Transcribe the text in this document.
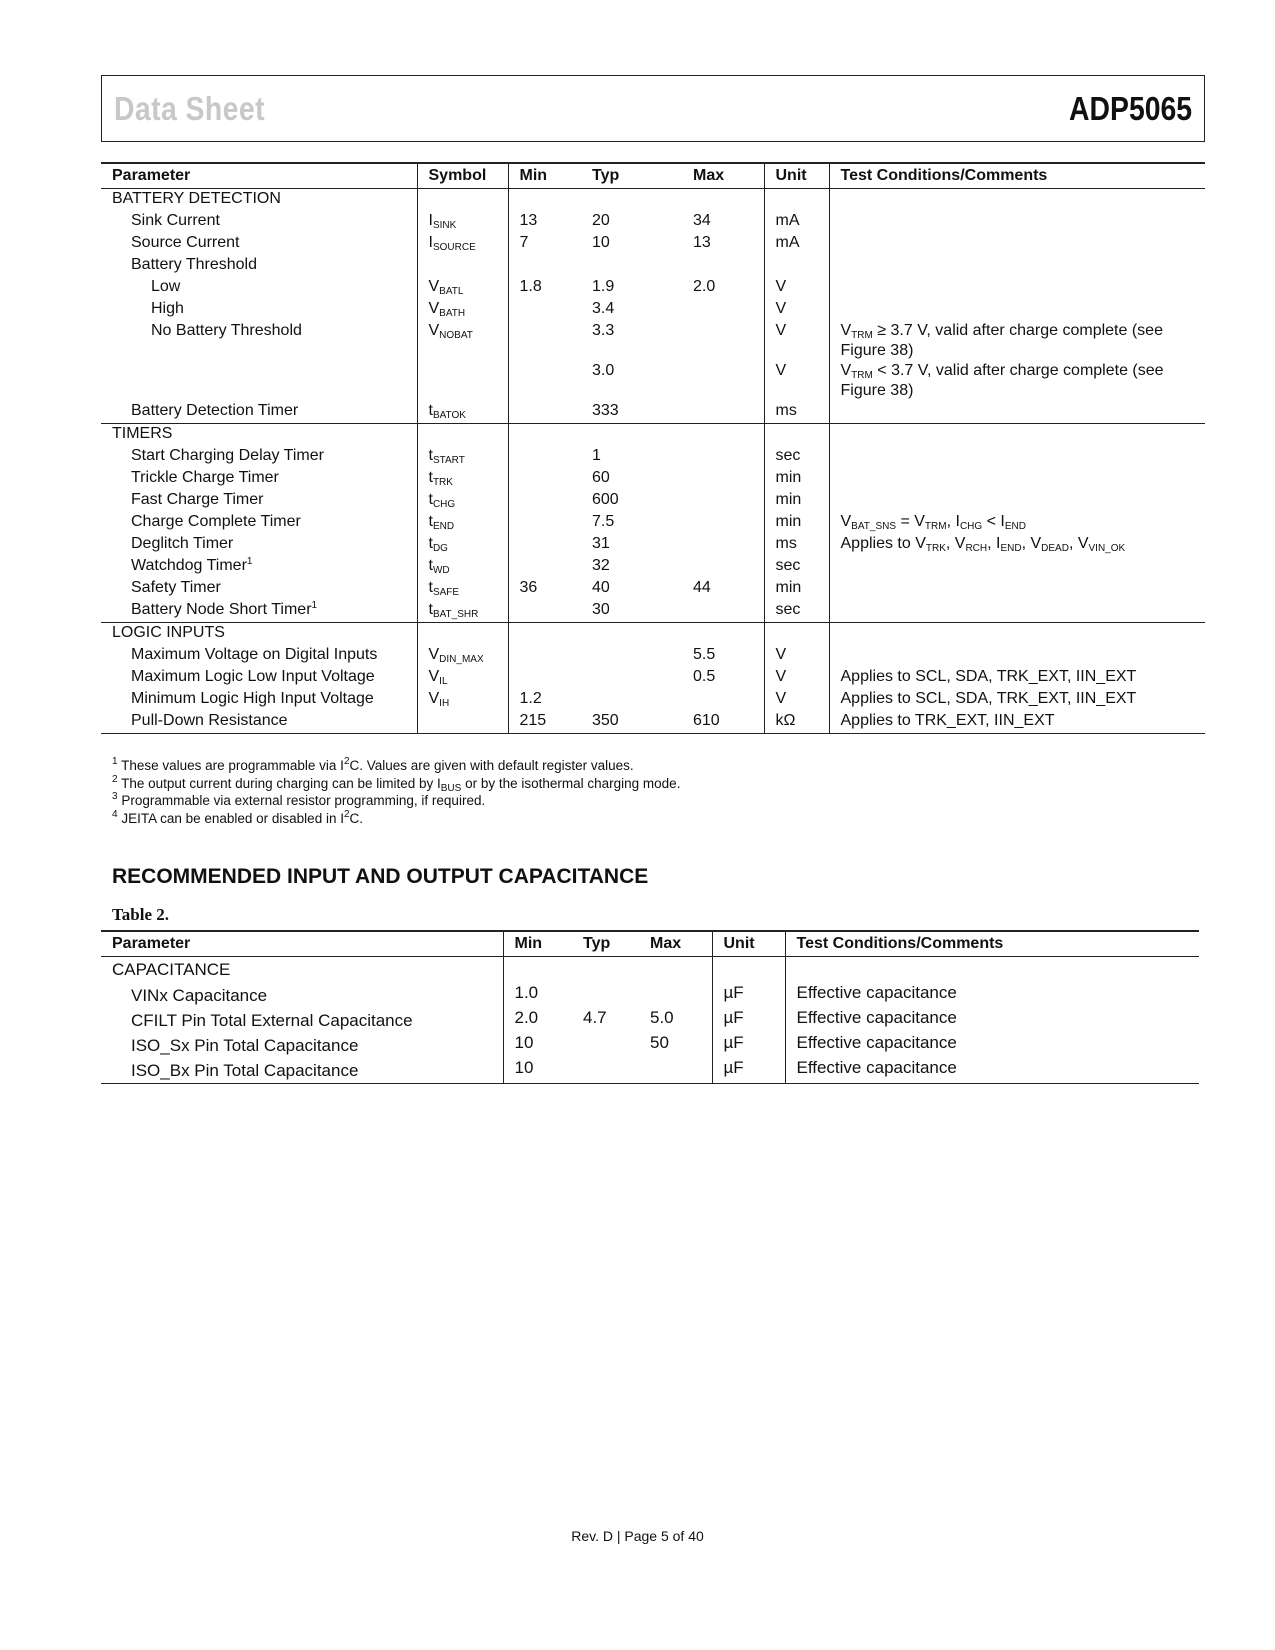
Data Sheet	ADP5065
Parameter	Symbol	Min	Typ	Max	Unit	Test Conditions/Comments
BATTERY DETECTION						
Sink Current	$I_{SINK}$	13	20	34	mA	
Source Current	$I_{SOURCE}$	7	10	13	mA	
Battery Threshold						
Low	$V_{BATL}$	1.8	1.9	2.0	V	
High	$V_{BATH}$		3.4		V	
No Battery Threshold	$V_{NOBAT}$		3.3		V	$V_{TRM} \ge 3.7$ V, valid after charge complete (see
Figure 38)
			3.0		V	$V_{TRM} < 3.7$ V, valid after charge complete (see
Figure 38)
Battery Detection Timer	$t_{BATOK}$		333		ms	
TIMERS						
Start Charging Delay Timer	$t_{START}$		1		sec	
Trickle Charge Timer	$t_{TRK}$		60		min	
Fast Charge Timer	$t_{CHG}$		600		min	
Charge Complete Timer	$t_{END}$		7.5		min	$V_{BAT\_SNS} = V_{TRM}$, $I_{CHG} < I_{END}$
Deglitch Timer	$t_{DG}$		31		ms	Applies to $V_{TRK}$, $V_{RCH}$, $I_{END}$, $V_{DEAD}$, $V_{VIN\_OK}$
Watchdog Timer$^1$	$t_{WD}$		32		sec	
Safety Timer	$t_{SAFE}$	36	40	44	min	
Battery Node Short Timer$^1$	$t_{BAT\_SHR}$		30		sec	
LOGIC INPUTS						
Maximum Voltage on Digital Inputs	$V_{DIN\_MAX}$			5.5	V	
Maximum Logic Low Input Voltage	$V_{IL}$			0.5	V	Applies to SCL, SDA, TRK_EXT, IIN_EXT
Minimum Logic High Input Voltage	$V_{IH}$	1.2			V	Applies to SCL, SDA, TRK_EXT, IIN_EXT
Pull-Down Resistance		215	350	610	kΩ	Applies to TRK_EXT, IIN_EXT
$^1$ These values are programmable via $I^2C$. Values are given with default register values.
$^2$ The output current during charging can be limited by $I_{BUS}$ or by the isothermal charging mode.
$^3$ Programmable via external resistor programming, if required.
$^4$ JEITA can be enabled or disabled in $I^2C$.
RECOMMENDED INPUT AND OUTPUT CAPACITANCE
Table 2.
Parameter	Min	Typ	Max	Unit	Test Conditions/Comments
CAPACITANCE					
VINx Capacitance	1.0			µF	Effective capacitance
CFILT Pin Total External Capacitance	2.0	4.7	5.0	µF	Effective capacitance
ISO_Sx Pin Total Capacitance	10		50	µF	Effective capacitance
ISO_Bx Pin Total Capacitance	10			µF	Effective capacitance
Rev. D | Page 5 of 40
